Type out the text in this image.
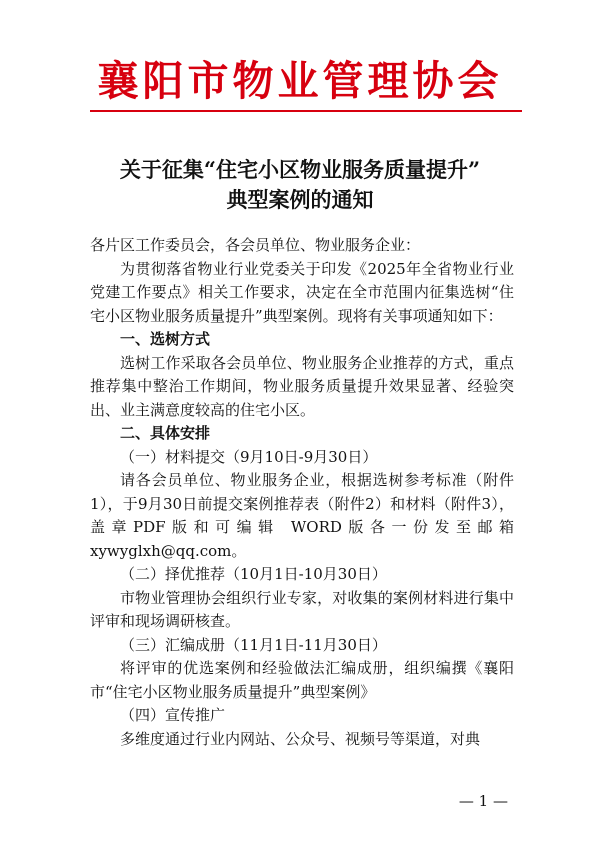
襄阳市物业管理协会
关于征集“住宅小区物业服务质量提升”
典型案例的通知

各片区工作委员会，各会员单位、物业服务企业：

为贯彻落省物业行业党委关于印发《2025年全省物业行业党建工作要点》相关工作要求，决定在全市范围内征集选树“住宅小区物业服务质量提升”典型案例。现将有关事项通知如下：

一、选树方式

选树工作采取各会员单位、物业服务企业推荐的方式，重点推荐集中整治工作期间，物业服务质量提升效果显著、经验突出、业主满意度较高的住宅小区。

二、具体安排

（一）材料提交（9月10日-9月30日）

请各会员单位、物业服务企业，根据选树参考标准（附件1），于9月30日前提交案例推荐表（附件2）和材料（附件3），盖章PDF版和可编辑 WORD版各一份发至邮箱xywyglxh@qq.com。

（二）择优推荐（10月1日-10月30日）

市物业管理协会组织行业专家，对收集的案例材料进行集中评审和现场调研核查。

（三）汇编成册（11月1日-11月30日）

将评审的优选案例和经验做法汇编成册，组织编撰《襄阳市“住宅小区物业服务质量提升”典型案例》

（四）宣传推广

多维度通过行业内网站、公众号、视频号等渠道，对典

— 1 —
